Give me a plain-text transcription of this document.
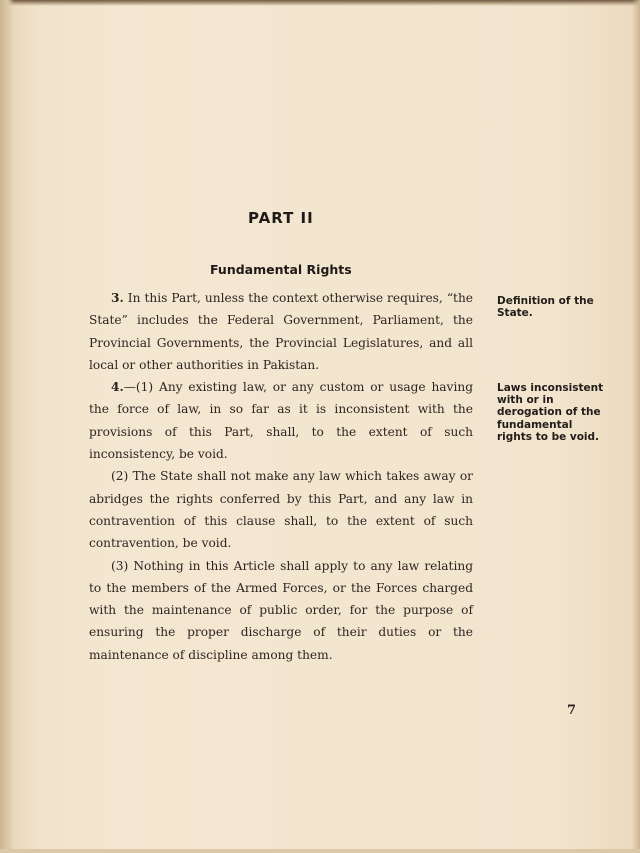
PART II
Fundamental Rights

3. In this Part, unless the context otherwise requires, “the State” includes the Federal Government, Parliament, the Provincial Governments, the Provincial Legislatures, and all local or other authorities in Pakistan.

4.—(1) Any existing law, or any custom or usage having the force of law, in so far as it is inconsistent with the provisions of this Part, shall, to the extent of such inconsistency, be void.

(2) The State shall not make any law which takes away or abridges the rights conferred by this Part, and any law in contravention of this clause shall, to the extent of such contravention, be void.

(3) Nothing in this Article shall apply to any law relating to the members of the Armed Forces, or the Forces charged with the maintenance of public order, for the purpose of ensuring the proper discharge of their duties or the maintenance of discipline among them.

Definition of the State.
Laws inconsistent with or in derogation of the fundamental rights to be void.
7
